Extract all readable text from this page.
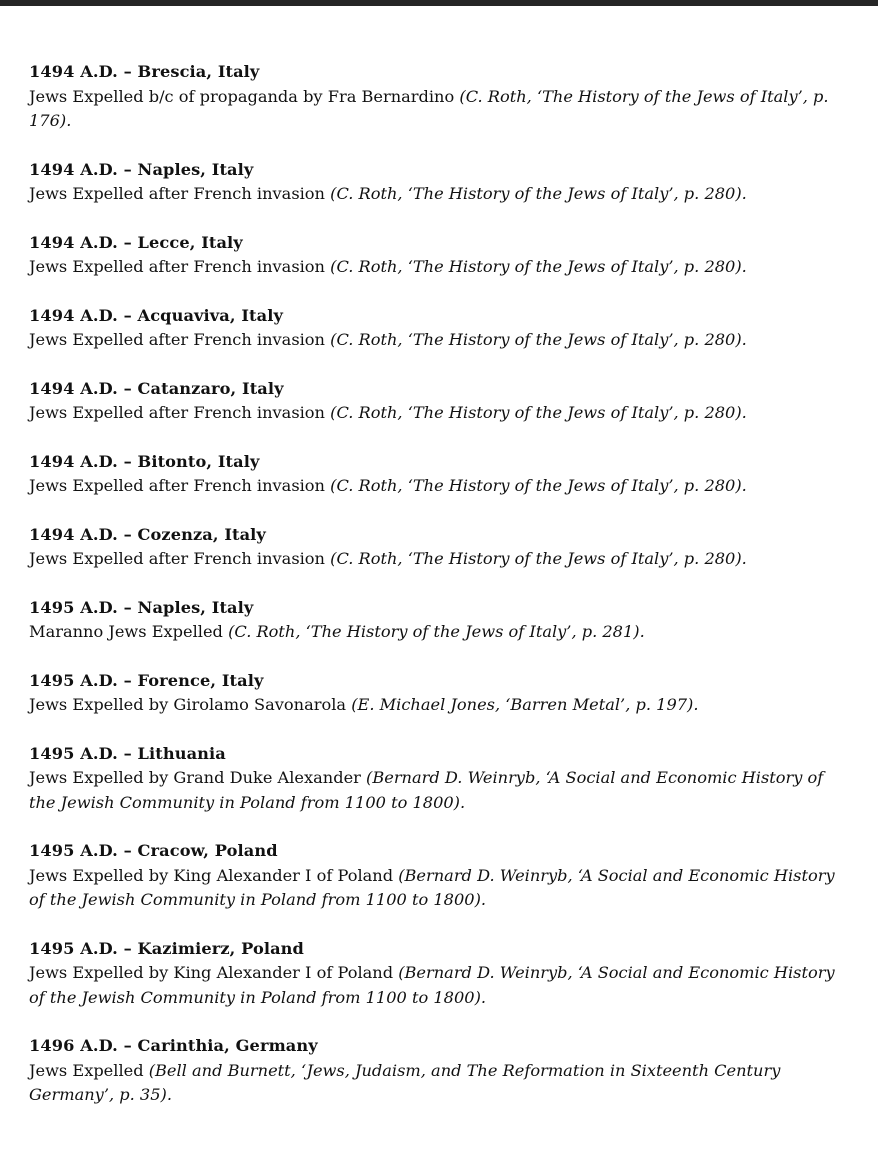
1494 A.D. – Brescia, Italy
Jews Expelled b/c of propaganda by Fra Bernardino (C. Roth, ‘The History of the Jews of Italy’, p. 176).
1494 A.D. – Naples, Italy
Jews Expelled after French invasion (C. Roth, ‘The History of the Jews of Italy’, p. 280).
1494 A.D. – Lecce, Italy
Jews Expelled after French invasion (C. Roth, ‘The History of the Jews of Italy’, p. 280).
1494 A.D. – Acquaviva, Italy
Jews Expelled after French invasion (C. Roth, ‘The History of the Jews of Italy’, p. 280).
1494 A.D. – Catanzaro, Italy
Jews Expelled after French invasion (C. Roth, ‘The History of the Jews of Italy’, p. 280).
1494 A.D. – Bitonto, Italy
Jews Expelled after French invasion (C. Roth, ‘The History of the Jews of Italy’, p. 280).
1494 A.D. – Cozenza, Italy
Jews Expelled after French invasion (C. Roth, ‘The History of the Jews of Italy’, p. 280).
1495 A.D. – Naples, Italy
Maranno Jews Expelled (C. Roth, ‘The History of the Jews of Italy’, p. 281).
1495 A.D. – Forence, Italy
Jews Expelled by Girolamo Savonarola (E. Michael Jones, ‘Barren Metal’, p. 197).
1495 A.D. – Lithuania
Jews Expelled by Grand Duke Alexander (Bernard D. Weinryb, ‘A Social and Economic History of the Jewish Community in Poland from 1100 to 1800).
1495 A.D. – Cracow, Poland
Jews Expelled by King Alexander I of Poland (Bernard D. Weinryb, ‘A Social and Economic History of the Jewish Community in Poland from 1100 to 1800).
1495 A.D. – Kazimierz, Poland
Jews Expelled by King Alexander I of Poland (Bernard D. Weinryb, ‘A Social and Economic History of the Jewish Community in Poland from 1100 to 1800).
1496 A.D. – Carinthia, Germany
Jews Expelled (Bell and Burnett, ‘Jews, Judaism, and The Reformation in Sixteenth Century Germany’, p. 35).
